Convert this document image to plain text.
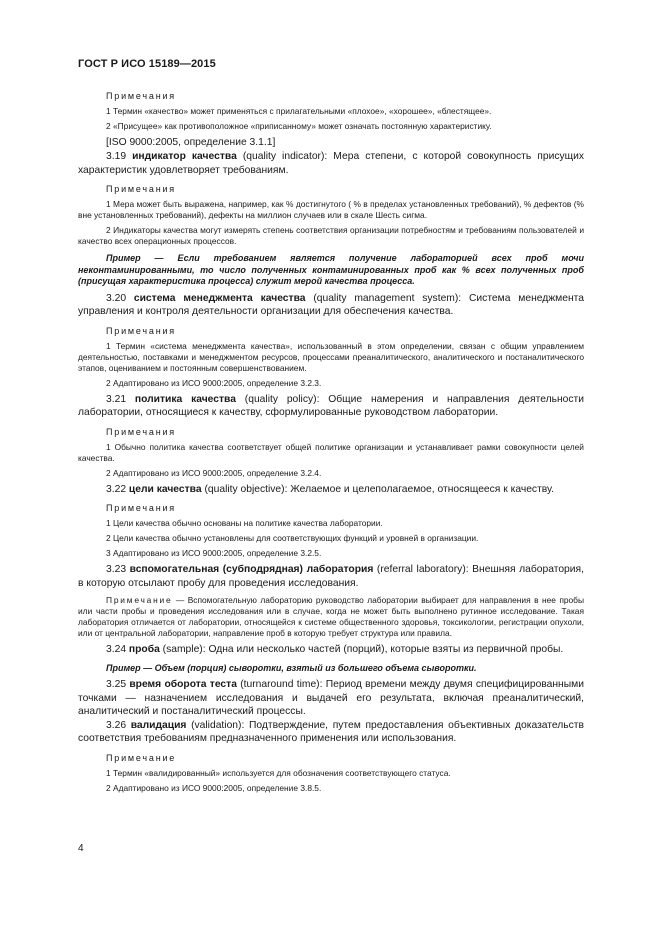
ГОСТ Р ИСО 15189—2015

Примечания

1 Термин «качество» может применяться с прилагательными «плохое», «хорошее», «блестящее».

2 «Присущее» как противоположное «приписанному» может означать постоянную характеристику.

[ISO 9000:2005, определение 3.1.1]

3.19 индикатор качества (quality indicator): Мера степени, с которой совокупность присущих характеристик удовлетворяет требованиям.

Примечания

1 Мера может быть выражена, например, как % достигнутого ( % в пределах установленных требований), % дефектов (% вне установленных требований), дефекты на миллион случаев или в скале Шесть сигма.

2 Индикаторы качества могут измерять степень соответствия организации потребностям и требованиям пользователей и качество всех операционных процессов.

Пример — Если требованием является получение лабораторией всех проб мочи неконтаминированными, то число полученных контаминированных проб как % всех полученных проб (присущая характеристика процесса) служит мерой качества процесса.

3.20 система менеджмента качества (quality management system): Система менеджмента управления и контроля деятельности организации для обеспечения качества.

Примечания

1 Термин «система менеджмента качества», использованный в этом определении, связан с общим управлением деятельностью, поставками и менеджментом ресурсов, процессами преаналитического, аналитического и постаналитического этапов, оцениванием и постоянным совершенствованием.

2 Адаптировано из ИСО 9000:2005, определение 3.2.3.

3.21 политика качества (quality policy): Общие намерения и направления деятельности лаборатории, относящиеся к качеству, сформулированные руководством лаборатории.

Примечания

1 Обычно политика качества соответствует общей политике организации и устанавливает рамки совокупности целей качества.

2 Адаптировано из ИСО 9000:2005, определение 3.2.4.

3.22 цели качества (quality objective): Желаемое и целеполагаемое, относящееся к качеству.

Примечания

1 Цели качества обычно основаны на политике качества лаборатории.

2 Цели качества обычно установлены для соответствующих функций и уровней в организации.

3 Адаптировано из ИСО 9000:2005, определение 3.2.5.

3.23 вспомогательная (субподрядная) лаборатория (referral laboratory): Внешняя лаборатория, в которую отсылают пробу для проведения исследования.

Примечание — Вспомогательную лабораторию руководство лаборатории выбирает для направления в нее пробы или части пробы и проведения исследования или в случае, когда не может быть выполнено рутинное исследование. Такая лаборатория отличается от лаборатории, относящейся к системе общественного здоровья, токсикологии, регистрации опухоли, или от центральной лаборатории, направление проб в которую требует структура или правила.

3.24 проба (sample): Одна или несколько частей (порций), которые взяты из первичной пробы.

Пример — Объем (порция) сыворотки, взятый из большего объема сыворотки.

3.25 время оборота теста (turnaround time): Период времени между двумя специфицированными точками — назначением исследования и выдачей его результата, включая преаналитический, аналитический и постаналитический процессы.

3.26 валидация (validation): Подтверждение, путем предоставления объективных доказательств соответствия требованиям предназначенного применения или использования.

Примечание

1 Термин «валидированный» используется для обозначения соответствующего статуса.

2 Адаптировано из ИСО 9000:2005, определение 3.8.5.

4
